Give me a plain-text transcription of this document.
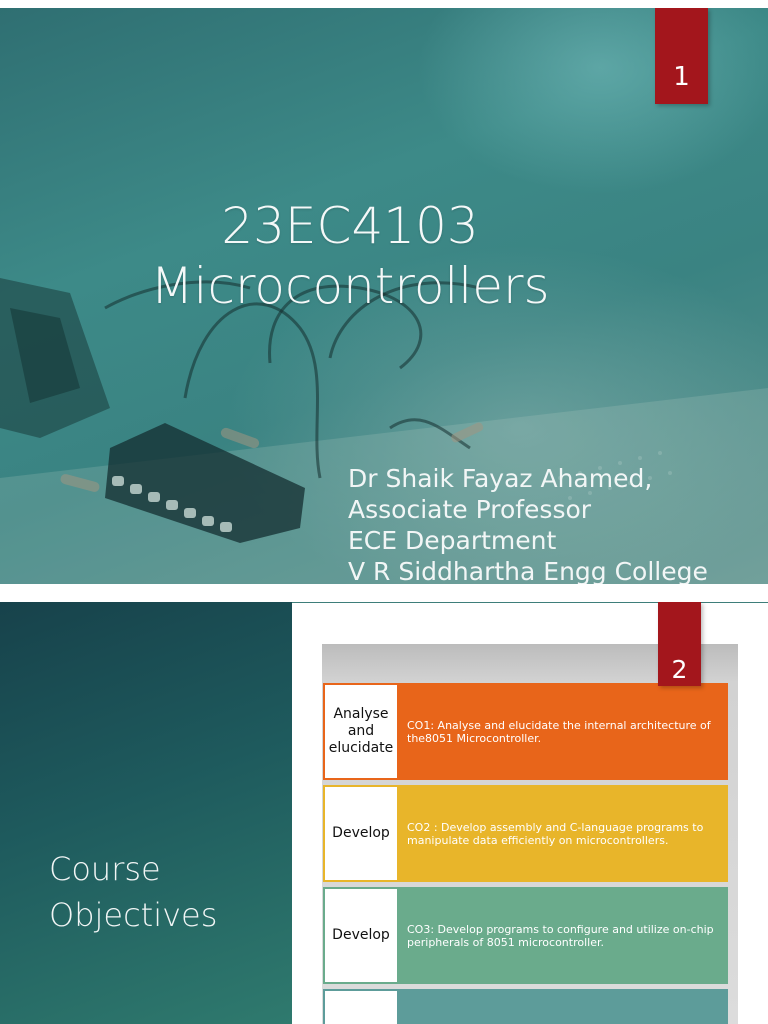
1
23EC4103
Microcontrollers
Dr Shaik Fayaz Ahamed,
Associate Professor
ECE Department
V R Siddhartha Engg College
Course
Objectives
Analyse and elucidate
CO1: Analyse and elucidate the internal architecture of the8051 Microcontroller.
Develop	CO2 : Develop assembly and C-language programs to manipulate data efficiently on microcontrollers.
Develop	CO3: Develop programs to configure and utilize on-chip peripherals of 8051 microcontroller.
2
